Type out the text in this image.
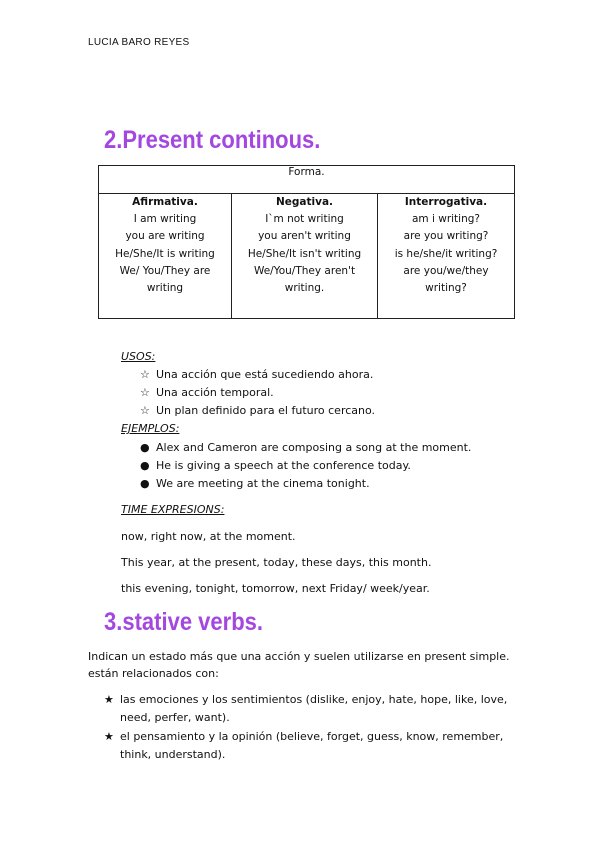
LUCIA BARO REYES
2.Present continous.
Forma.

Afirmativa.
I am writing
you are writing
He/She/It is writing
We/ You/They are
writing

Negativa.
I`m not writing
you aren't writing
He/She/It isn't writing
We/You/They aren't
writing.

Interrogativa.
am i writing?
are you writing?
is he/she/it writing?
are you/we/they
writing?
USOS:
☆ Una acción que está sucediendo ahora.
☆ Una acción temporal.
☆ Un plan definido para el futuro cercano.
EJEMPLOS:
● Alex and Cameron are composing a song at the moment.
● He is giving a speech at the conference today.
● We are meeting at the cinema tonight.
TIME EXPRESIONS:
now, right now, at the moment.
This year, at the present, today, these days, this month.
this evening, tonight, tomorrow, next Friday/ week/year.
3.stative verbs.
Indican un estado más que una acción y suelen utilizarse en present simple.
están relacionados con:
★ las emociones y los sentimientos (dislike, enjoy, hate, hope, like, love,
need, perfer, want).
★ el pensamiento y la opinión (believe, forget, guess, know, remember,
think, understand).
